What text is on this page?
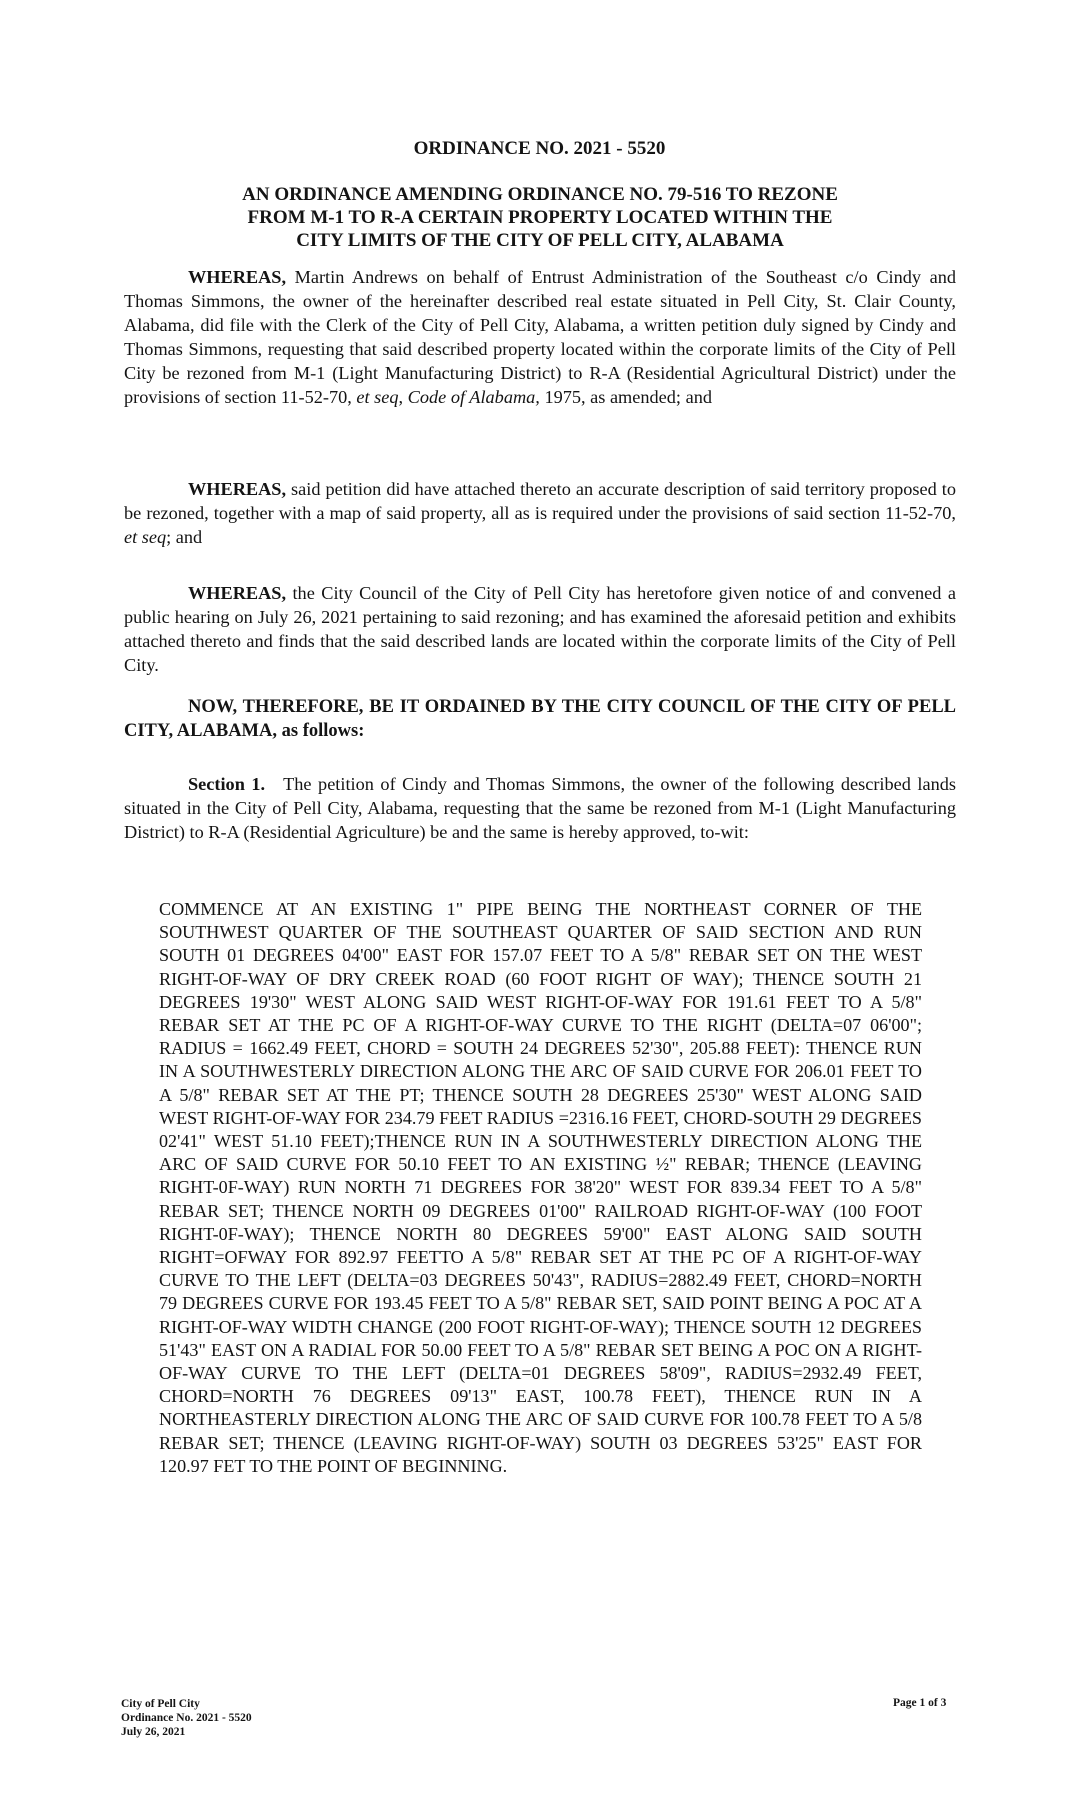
ORDINANCE NO. 2021 - 5520
AN ORDINANCE AMENDING ORDINANCE NO. 79-516 TO REZONE
FROM M-1 TO R-A CERTAIN PROPERTY LOCATED WITHIN THE
CITY LIMITS OF THE CITY OF PELL CITY, ALABAMA
WHEREAS, Martin Andrews on behalf of Entrust Administration of the Southeast c/o Cindy and Thomas Simmons, the owner of the hereinafter described real estate situated in Pell City, St. Clair County, Alabama, did file with the Clerk of the City of Pell City, Alabama, a written petition duly signed by Cindy and Thomas Simmons, requesting that said described property located within the corporate limits of the City of Pell City be rezoned from M-1 (Light Manufacturing District) to R-A (Residential Agricultural District) under the provisions of section 11-52-70, et seq, Code of Alabama, 1975, as amended; and
WHEREAS, said petition did have attached thereto an accurate description of said territory proposed to be rezoned, together with a map of said property, all as is required under the provisions of said section 11-52-70, et seq; and
WHEREAS, the City Council of the City of Pell City has heretofore given notice of and convened a public hearing on July 26, 2021 pertaining to said rezoning; and has examined the aforesaid petition and exhibits attached thereto and finds that the said described lands are located within the corporate limits of the City of Pell City.
NOW, THEREFORE, BE IT ORDAINED BY THE CITY COUNCIL OF THE CITY OF PELL CITY, ALABAMA, as follows:
Section 1. The petition of Cindy and Thomas Simmons, the owner of the following described lands situated in the City of Pell City, Alabama, requesting that the same be rezoned from M-1 (Light Manufacturing District) to R-A (Residential Agriculture) be and the same is hereby approved, to-wit:
COMMENCE AT AN EXISTING 1" PIPE BEING THE NORTHEAST CORNER OF THE SOUTHWEST QUARTER OF THE SOUTHEAST QUARTER OF SAID SECTION AND RUN SOUTH 01 DEGREES 04'00" EAST FOR 157.07 FEET TO A 5/8" REBAR SET ON THE WEST RIGHT-OF-WAY OF DRY CREEK ROAD (60 FOOT RIGHT OF WAY); THENCE SOUTH 21 DEGREES 19'30" WEST ALONG SAID WEST RIGHT-OF-WAY FOR 191.61 FEET TO A 5/8" REBAR SET AT THE PC OF A RIGHT-OF-WAY CURVE TO THE RIGHT (DELTA=07 06'00"; RADIUS = 1662.49 FEET, CHORD = SOUTH 24 DEGREES 52'30", 205.88 FEET): THENCE RUN IN A SOUTHWESTERLY DIRECTION ALONG THE ARC OF SAID CURVE FOR 206.01 FEET TO A 5/8" REBAR SET AT THE PT; THENCE SOUTH 28 DEGREES 25'30" WEST ALONG SAID WEST RIGHT-OF-WAY FOR 234.79 FEET RADIUS =2316.16 FEET, CHORD-SOUTH 29 DEGREES 02'41" WEST 51.10 FEET);THENCE RUN IN A SOUTHWESTERLY DIRECTION ALONG THE ARC OF SAID CURVE FOR 50.10 FEET TO AN EXISTING ½" REBAR; THENCE (LEAVING RIGHT-0F-WAY) RUN NORTH 71 DEGREES FOR 38'20" WEST FOR 839.34 FEET TO A 5/8" REBAR SET; THENCE NORTH 09 DEGREES 01'00" RAILROAD RIGHT-OF-WAY (100 FOOT RIGHT-0F-WAY); THENCE NORTH 80 DEGREES 59'00" EAST ALONG SAID SOUTH RIGHT=OFWAY FOR 892.97 FEETTO A 5/8" REBAR SET AT THE PC OF A RIGHT-OF-WAY CURVE TO THE LEFT (DELTA=03 DEGREES 50'43", RADIUS=2882.49 FEET, CHORD=NORTH 79 DEGREES CURVE FOR 193.45 FEET TO A 5/8" REBAR SET, SAID POINT BEING A POC AT A RIGHT-OF-WAY WIDTH CHANGE (200 FOOT RIGHT-OF-WAY); THENCE SOUTH 12 DEGREES 51'43" EAST ON A RADIAL FOR 50.00 FEET TO A 5/8" REBAR SET BEING A POC ON A RIGHT-OF-WAY CURVE TO THE LEFT (DELTA=01 DEGREES 58'09", RADIUS=2932.49 FEET, CHORD=NORTH 76 DEGREES 09'13" EAST, 100.78 FEET), THENCE RUN IN A NORTHEASTERLY DIRECTION ALONG THE ARC OF SAID CURVE FOR 100.78 FEET TO A 5/8 REBAR SET; THENCE (LEAVING RIGHT-OF-WAY) SOUTH 03 DEGREES 53'25" EAST FOR 120.97 FET TO THE POINT OF BEGINNING.
City of Pell City
Ordinance No. 2021 - 5520
July 26, 2021
Page 1 of 3
